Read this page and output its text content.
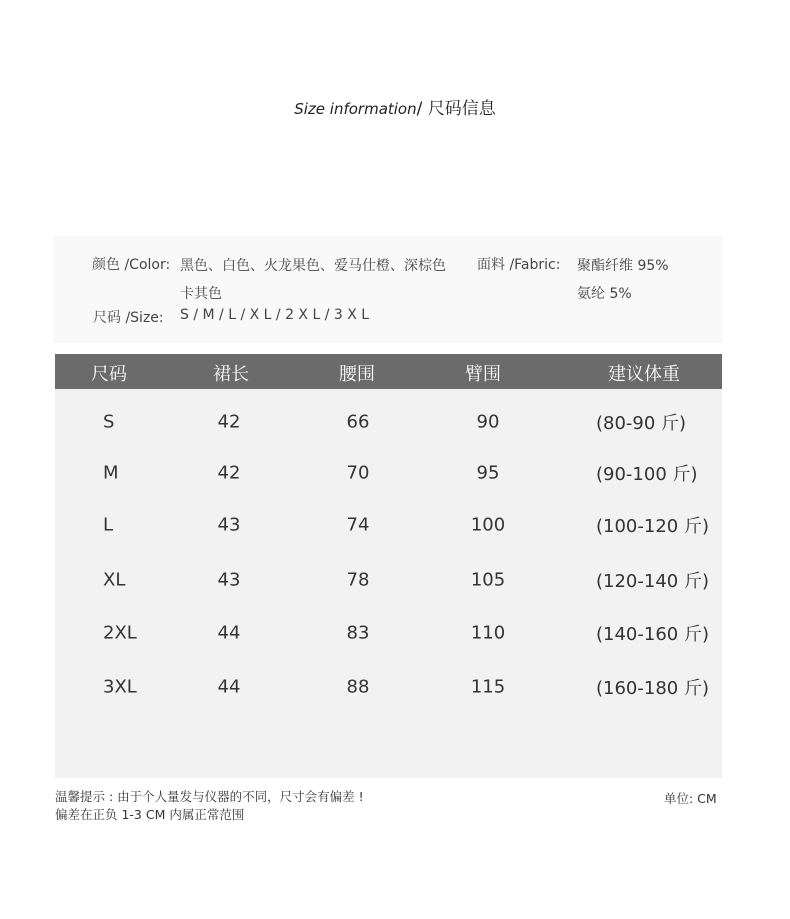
Size information/ 尺码信息
颜色 /Color: 黑色、白色、火龙果色、爱马仕橙、深棕色
卡其色
面料 /Fabric: 聚酯纤维 95%
氨纶 5%
尺码 /Size: S / M / L / X L / 2 X L / 3 X L
尺码	裙长	腰围	臂围	建议体重
S	42	66	90	(80-90 斤)
M	42	70	95	(90-100 斤)
L	43	74	100	(100-120 斤)
XL	43	78	105	(120-140 斤)
2XL	44	83	110	(140-160 斤)
3XL	44	88	115	(160-180 斤)
温馨提示 : 由于个人量发与仪器的不同，尺寸会有偏差 !
偏差在正负 1-3 CM 内属正常范围
单位: CM
